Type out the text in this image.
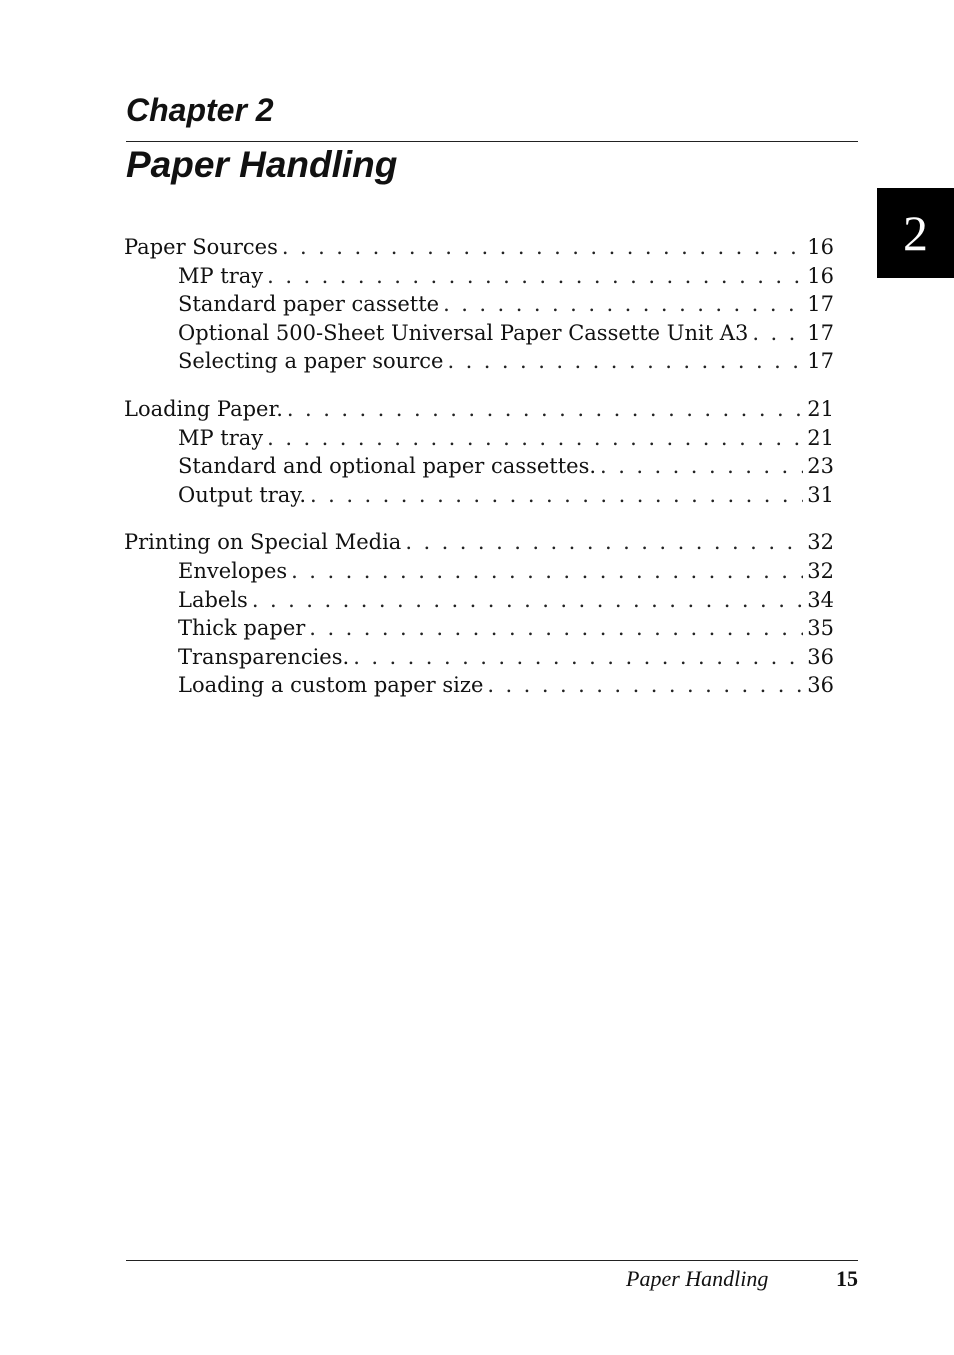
Chapter 2
Paper Handling
2
Paper Sources . . .	16
MP tray . . .	16
Standard paper cassette . . .	17
Optional 500-Sheet Universal Paper Cassette Unit A3 . . .	17
Selecting a paper source . . .	17
Loading Paper. . . .	21
MP tray . . .	21
Standard and optional paper cassettes. . . .	23
Output tray. . . .	31
Printing on Special Media . . .	32
Envelopes . . .	32
Labels . . .	34
Thick paper . . .	35
Transparencies. . . .	36
Loading a custom paper size . . .	36
Paper Handling	15
